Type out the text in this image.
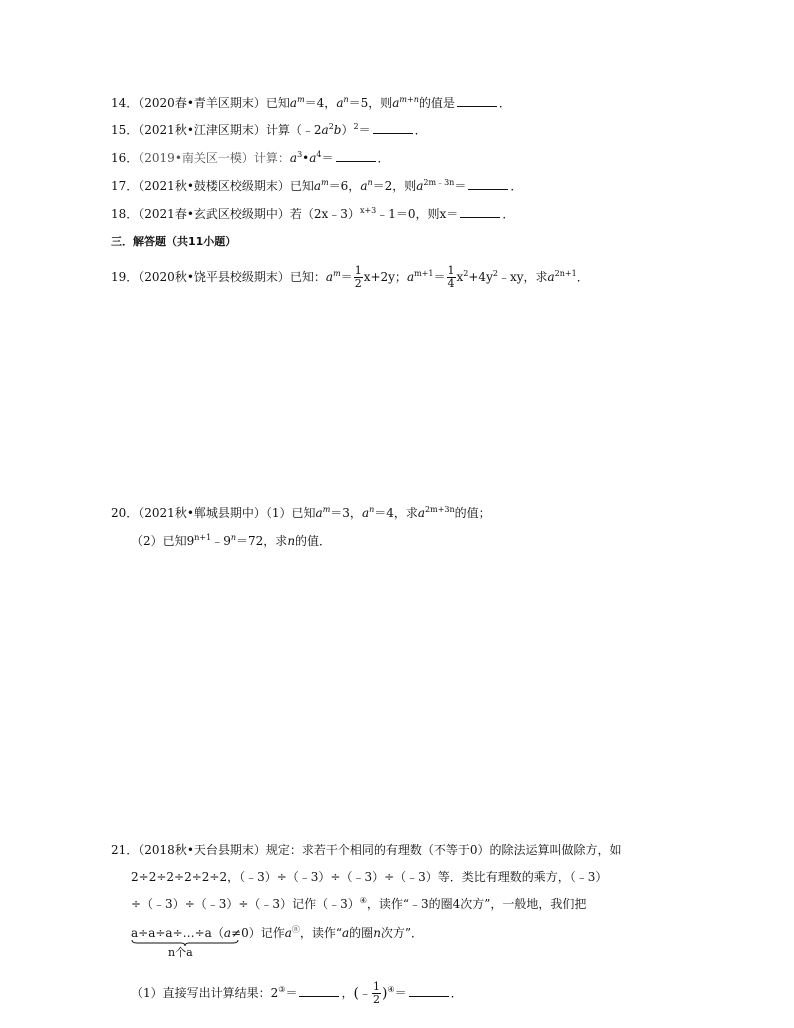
14．（2020春•青羊区期末）已知$a^m=4$，$a^n=5$，则$a^{m+n}$的值是	．
15．（2021秋•江津区期末）计算$(﹣2a^2b)^2=$	．
16．（2019•南关区一模）计算：$a^3•a^4=$	．
17．（2021秋•鼓楼区校级期末）已知$a^m=6$，$a^n=2$，则$a^{2m﹣3n}=$	．
18．（2021春•玄武区校级期中）若（2x﹣3）$^{x+3}$﹣1＝0，则x＝	．
三．解答题（共11小题）
19．（2020秋•饶平县校级期末）已知：$a^m= \frac{1}{2} x+2y$；$a^{m+1}= \frac{1}{4}$ $x^2+4y^2﹣xy$，求$a^{2n+1}$．
20．（2021秋•郸城县期中）（1）已知$a^m=3$，$a^n=4$，求$a^{2m+3n}$的值；
（2）已知$9^{n+1}﹣9^n=72$，求n的值．
21．（2018秋•天台县期末）规定：求若干个相同的有理数（不等于0）的除法运算叫做除方，如
2÷2÷2÷2÷2÷2，（﹣3）÷（﹣3）÷（﹣3）÷（﹣3）等．类比有理数的乘方，（﹣3）
÷（﹣3）÷（﹣3）÷（﹣3）记作（﹣3）④，读作“﹣3的圈4次方”，一般地，我们把
a÷a÷a÷…÷a
（a≠0）记作aⓝ，读作“a的圈n次方”．
n个a
（1）直接写出计算结果：2③＝	，(﹣ $\frac{1}{2} )^④=$	．
